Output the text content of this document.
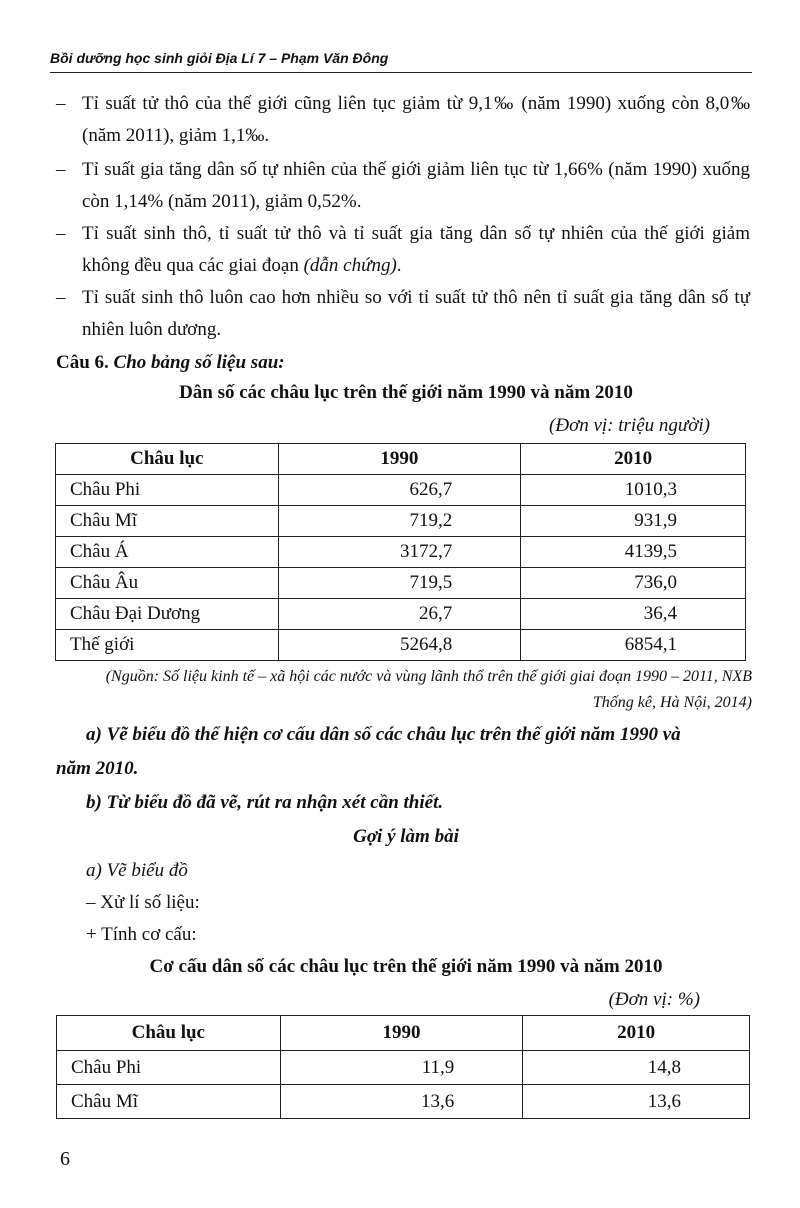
Bồi dưỡng học sinh giỏi Địa Lí 7 – Phạm Văn Đông
– Tỉ suất tử thô của thế giới cũng liên tục giảm từ 9,1‰ (năm 1990) xuống còn 8,0‰ (năm 2011), giảm 1,1‰.
– Tỉ suất gia tăng dân số tự nhiên của thế giới giảm liên tục từ 1,66% (năm 1990) xuống còn 1,14% (năm 2011), giảm 0,52%.
– Tỉ suất sinh thô, tỉ suất tử thô và tỉ suất gia tăng dân số tự nhiên của thế giới giảm không đều qua các giai đoạn (dẫn chứng).
– Tỉ suất sinh thô luôn cao hơn nhiều so với tỉ suất tử thô nên tỉ suất gia tăng dân số tự nhiên luôn dương.
Câu 6. Cho bảng số liệu sau:
Dân số các châu lục trên thế giới năm 1990 và năm 2010
(Đơn vị: triệu người)
Châu lục	1990	2010
Châu Phi	626,7	1010,3
Châu Mĩ	719,2	931,9
Châu Á	3172,7	4139,5
Châu Âu	719,5	736,0
Châu Đại Dương	26,7	36,4
Thế giới	5264,8	6854,1
(Nguồn: Số liệu kinh tế – xã hội các nước và vùng lãnh thổ trên thế giới giai đoạn 1990 – 2011, NXB Thống kê, Hà Nội, 2014)
a) Vẽ biểu đồ thể hiện cơ cấu dân số các châu lục trên thế giới năm 1990 và
năm 2010.
b) Từ biểu đồ đã vẽ, rút ra nhận xét cần thiết.
Gợi ý làm bài
a) Vẽ biểu đồ
– Xử lí số liệu:
+ Tính cơ cấu:
Cơ cấu dân số các châu lục trên thế giới năm 1990 và năm 2010
(Đơn vị: %)
Châu lục	1990	2010
Châu Phi	11,9	14,8
Châu Mĩ	13,6	13,6
6
